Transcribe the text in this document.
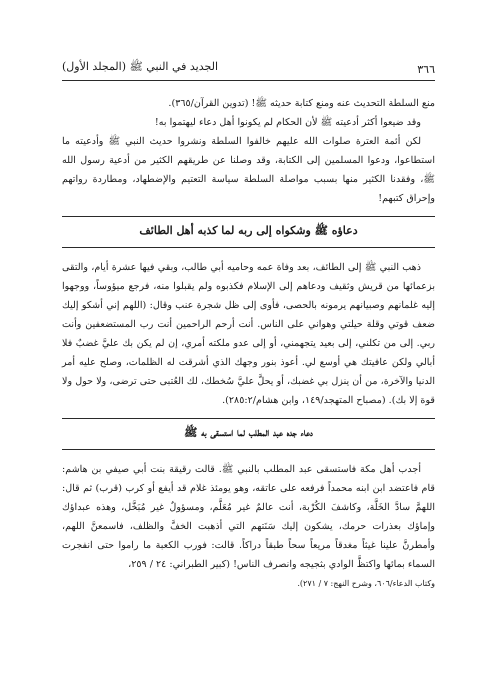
٣٦٦
الجديد في النبي ﷺ (المجلد الأول)

منع السلطة التحديث عنه ومنع كتابة حديثه ﷺ! (تدوين القرآن/٣٦٥).

وقد ضيعوا أكثر أدعيته ﷺ لأن الحكام لم يكونوا أهل دعاء ليهتموا به!

لكن أئمة العترة صلوات الله عليهم خالفوا السلطة ونشروا حديث النبي ﷺ وأدعيته ما استطاعوا، ودعوا المسلمين إلى الكتابة، وقد وصلنا عن طريقهم الكثير من أدعية رسول الله ﷺ، وفقدنا الكثير منها بسبب مواصلة السلطة سياسة التعتيم والإضطهاد، ومطاردة رواتهم وإحراق كتبهم!

دعاؤه ﷺ وشكواه إلى ربه لما كذبه أهل الطائف

ذهب النبي ﷺ إلى الطائف، بعد وفاة عمه وحاميه أبي طالب، وبقي فيها عشرة أيام، والتقى بزعمائها من قريش وثقيف ودعاهم إلى الإسلام فكذبوه ولم يقبلوا منه، فرجع ميؤوساً، ووجهوا إليه غلمانهم وصبيانهم يرمونه بالحصى، فأوى إلى ظل شجرة عنب وقال: (اللهم إني أشكو إليك ضعف قوتي وقلة حيلتي وهواني على الناس. أنت أرحم الراحمين أنت رب المستضعفين وأنت ربي. إلى من تكلني، إلى بعيد يتجهمني، أو إلى عدو ملكته أمري، إن لم يكن بك عليَّ غضبٌ فلا أبالي ولكن عافيتك هي أوسع لي. أعوذ بنور وجهك الذي أشرقت له الظلمات، وصلح عليه أمر الدنيا والآخرة، من أن ينزل بي غضبك، أو يحلَّ عليَّ سُخطك، لك العُتبى حتى ترضى، ولا حول ولا قوة إلا بك). (مصباح المتهجد/١٤٩، وابن هشام/٢٨٥:٢).

دعاء جده عبد المطلب لما استسقى به ﷺ

أجدب أهل مكة فاستسقى عبد المطلب بالنبي ﷺ. قالت رقيقة بنت أبي صيفي بن هاشم: قام فاعتضد ابن ابنه محمداً فرفعه على عاتقه، وهو يومئذ غلام قد أيفع أو كرب (قرب) ثم قال: اللهمَّ سادَّ الخَلَّة، وكاشفَ الكُرْبة، أنت عالمٌ غير مُعَلَّم، ومسؤولٌ غير مُبَخَّل، وهذه عبداؤك وإماؤك بعذرات حرمك، يشكون إليك سَنَتهم التي أذهبت الخفَّ والظلف، فاسمعنَّ اللهم، وأمطرنَّ علينا غيثاً مغدقاً مريعاً سحاً طبقاً دراكاً. قالت: فورب الكعبة ما راموا حتى انفجرت السماء بمائها واكتظَّ الوادي بثجيجه وانصرف الناس! (كبير الطبراني: ٢٤ / ٢٥٩،

وكتاب الدعاء/٦٠٦، وشرح النهج: ٧ / ٢٧١).
